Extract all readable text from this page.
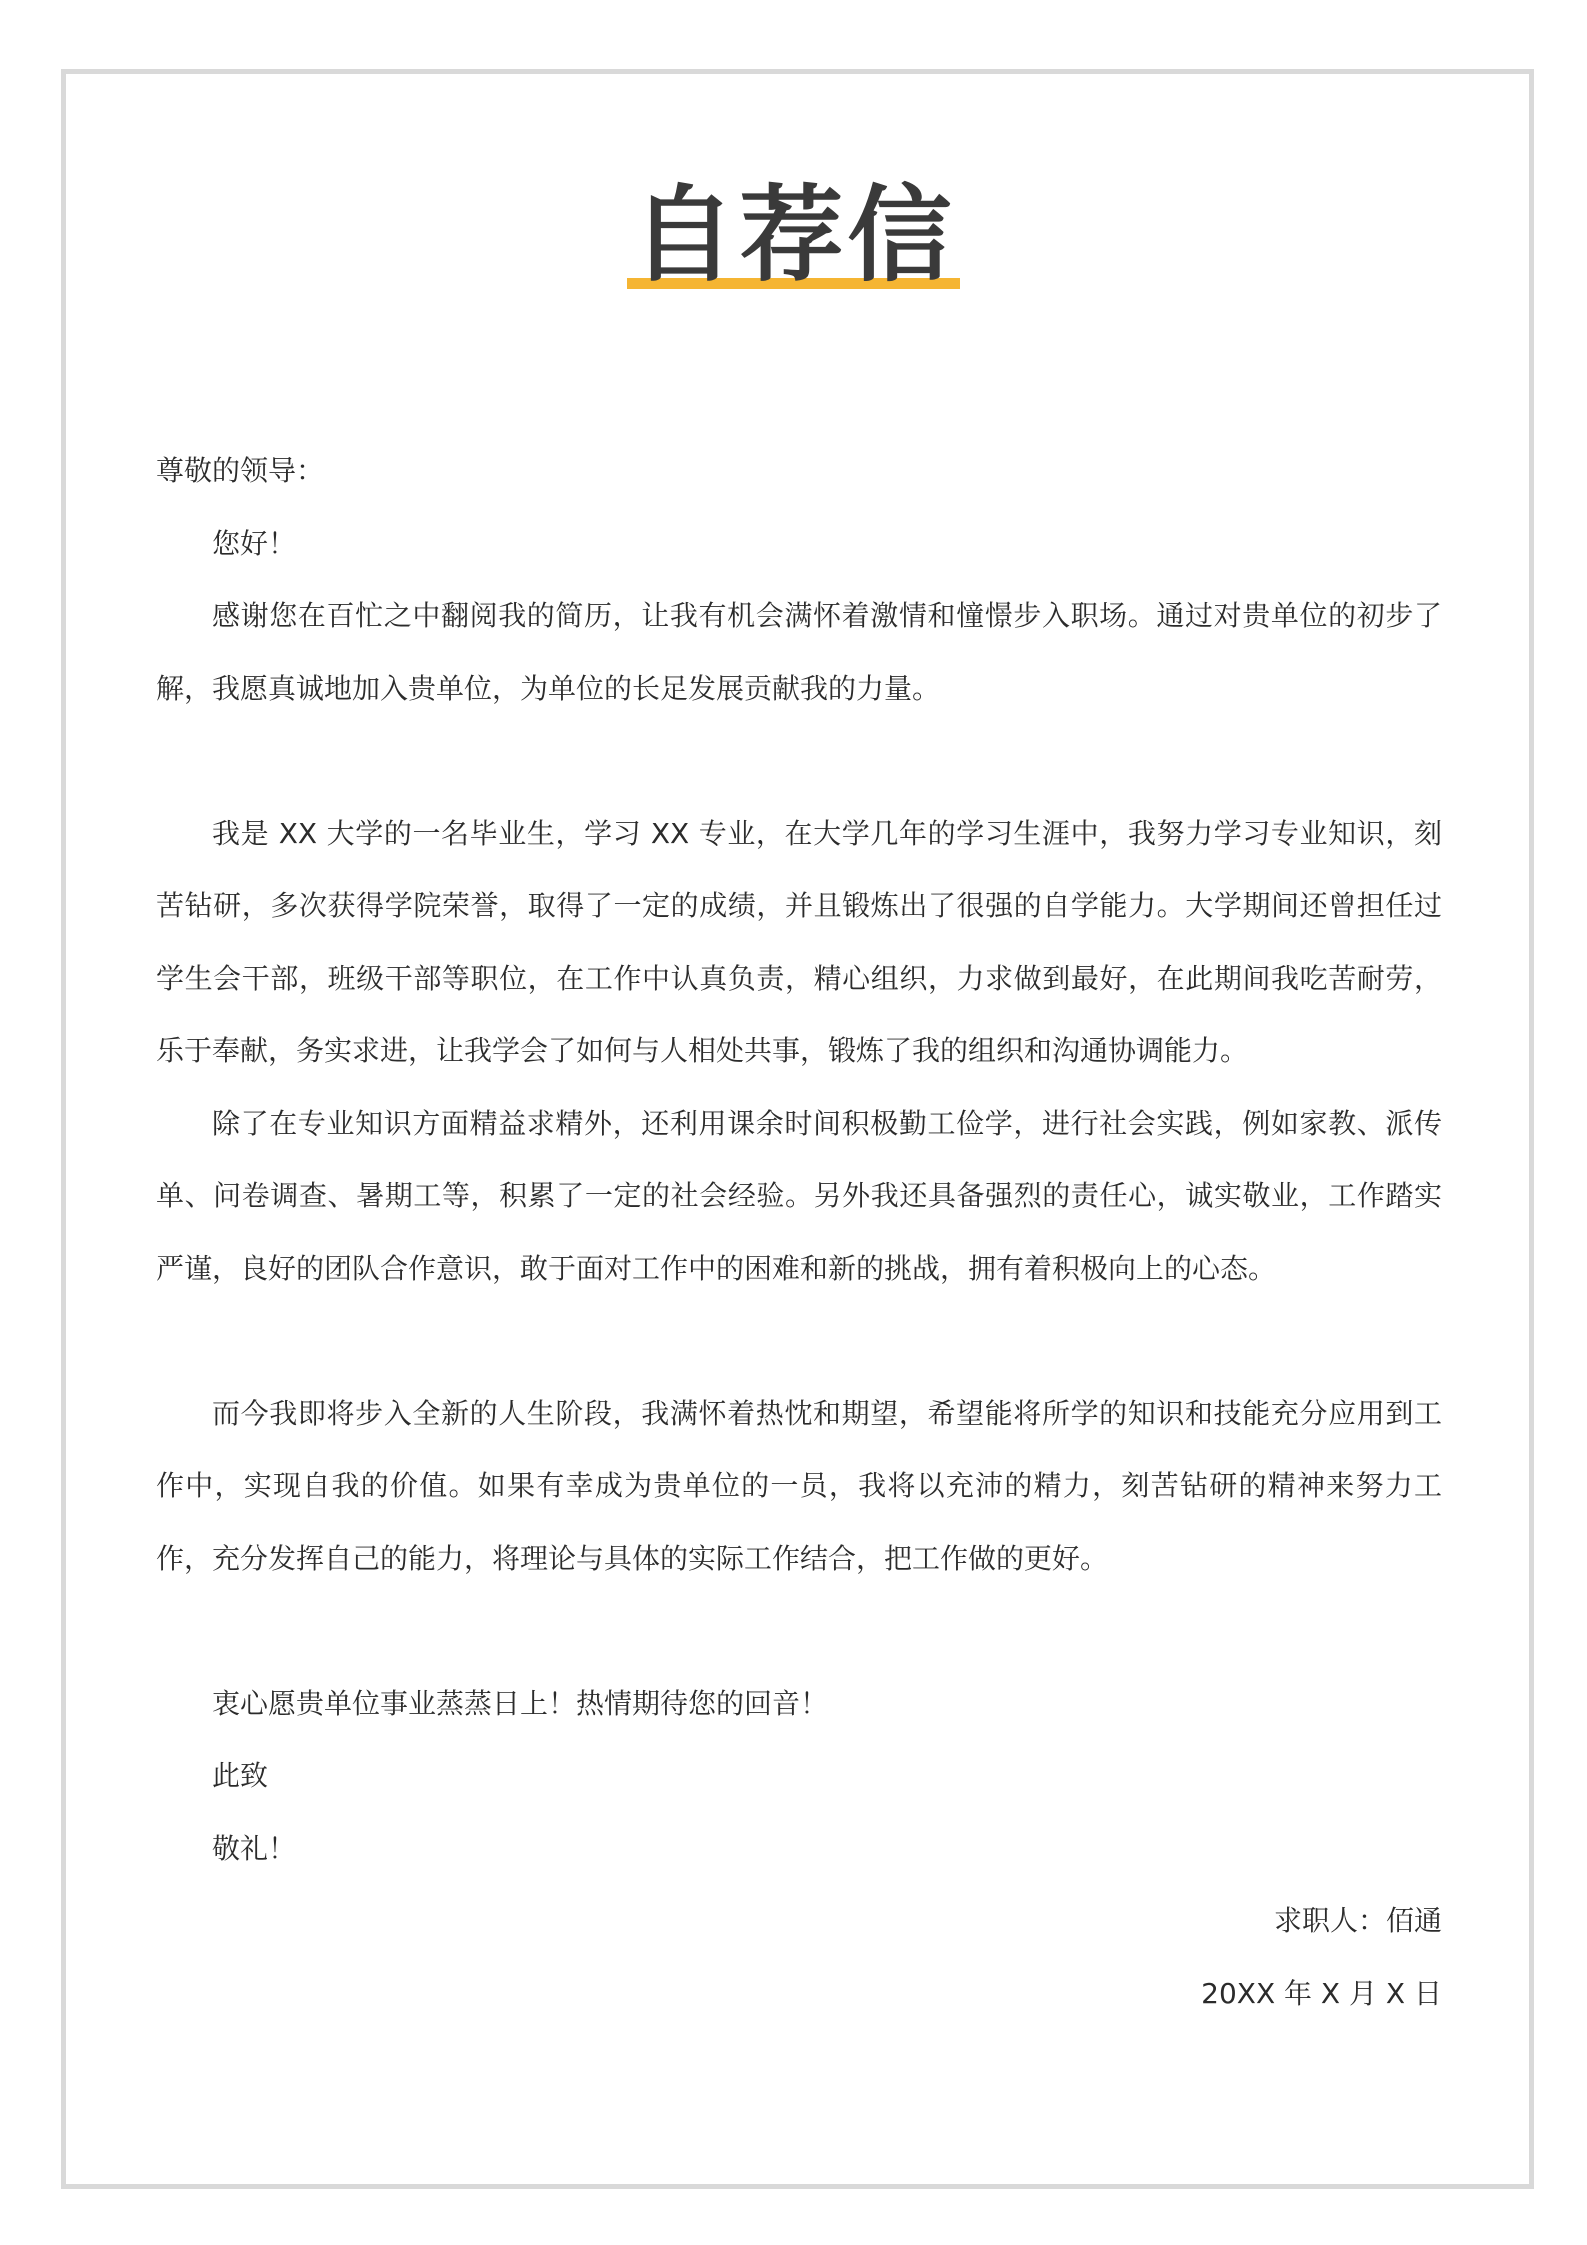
自荐信
尊敬的领导：
您好！

感谢您在百忙之中翻阅我的简历，让我有机会满怀着激情和憧憬步入职场。通过对贵单位的初步了解，我愿真诚地加入贵单位，为单位的长足发展贡献我的力量。

我是 XX 大学的一名毕业生，学习 XX 专业，在大学几年的学习生涯中，我努力学习专业知识，刻苦钻研，多次获得学院荣誉，取得了一定的成绩，并且锻炼出了很强的自学能力。大学期间还曾担任过学生会干部，班级干部等职位，在工作中认真负责，精心组织，力求做到最好，在此期间我吃苦耐劳，乐于奉献，务实求进，让我学会了如何与人相处共事，锻炼了我的组织和沟通协调能力。

除了在专业知识方面精益求精外，还利用课余时间积极勤工俭学，进行社会实践，例如家教、派传单、问卷调查、暑期工等，积累了一定的社会经验。另外我还具备强烈的责任心，诚实敬业，工作踏实严谨，良好的团队合作意识，敢于面对工作中的困难和新的挑战，拥有着积极向上的心态。

而今我即将步入全新的人生阶段，我满怀着热忱和期望，希望能将所学的知识和技能充分应用到工作中，实现自我的价值。如果有幸成为贵单位的一员，我将以充沛的精力，刻苦钻研的精神来努力工作，充分发挥自己的能力，将理论与具体的实际工作结合，把工作做的更好。

衷心愿贵单位事业蒸蒸日上！热情期待您的回音！
此致
敬礼！
求职人：佰通
20XX 年 X 月 X 日
